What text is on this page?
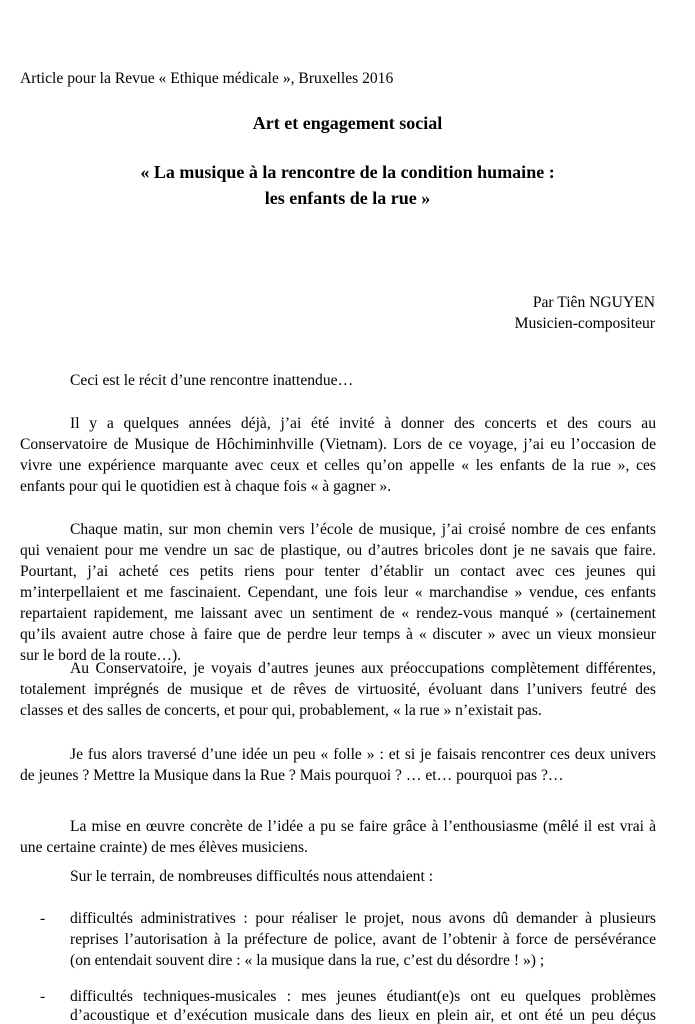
Article pour la Revue « Ethique médicale », Bruxelles 2016
Art et engagement social
« La musique à la rencontre de la condition humaine :
les enfants de la rue »
Par Tiên NGUYEN
Musicien-compositeur
Ceci est le récit d’une rencontre inattendue…
Il y a quelques années déjà, j’ai été invité à donner des concerts et des cours au
Conservatoire de Musique de Hôchiminhville (Vietnam). Lors de ce voyage, j’ai eu l’occasion de
vivre une expérience marquante avec ceux et celles qu’on appelle « les enfants de la rue », ces
enfants pour qui le quotidien est à chaque fois « à gagner ».
Chaque matin, sur mon chemin vers l’école de musique, j’ai croisé nombre de ces enfants
qui venaient pour me vendre un sac de plastique, ou d’autres bricoles dont je ne savais que faire.
Pourtant, j’ai acheté ces petits riens pour tenter d’établir un contact avec ces jeunes qui
m’interpellaient et me fascinaient. Cependant, une fois leur « marchandise » vendue, ces enfants
repartaient rapidement, me laissant avec un sentiment de « rendez-vous manqué » (certainement
qu’ils avaient autre chose à faire que de perdre leur temps à « discuter » avec un vieux monsieur
sur le bord de la route…).
Au Conservatoire, je voyais d’autres jeunes aux préoccupations complètement différentes,
totalement imprégnés de musique et de rêves de virtuosité, évoluant dans l’univers feutré des
classes et des salles de concerts, et pour qui, probablement, « la rue » n’existait pas.
Je fus alors traversé d’une idée un peu « folle » : et si je faisais rencontrer ces deux univers
de jeunes ? Mettre la Musique dans la Rue ? Mais pourquoi ? … et… pourquoi pas ?…
La mise en œuvre concrète de l’idée a pu se faire grâce à l’enthousiasme (mêlé il est vrai à
une certaine crainte) de mes élèves musiciens.
Sur le terrain, de nombreuses difficultés nous attendaient :
- difficultés administratives : pour réaliser le projet, nous avons dû demander à plusieurs
reprises l’autorisation à la préfecture de police, avant de l’obtenir à force de persévérance
(on entendait souvent dire : « la musique dans la rue, c’est du désordre ! ») ;
- difficultés techniques-musicales : mes jeunes étudiant(e)s ont eu quelques problèmes
d’acoustique et d’exécution musicale dans des lieux en plein air, et ont été un peu déçus
